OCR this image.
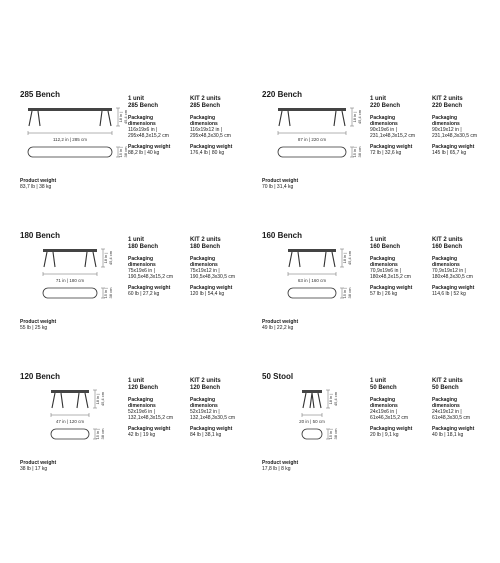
285 Bench
18 in | 45,4 cm
112,2 in | 285 cm
15 in | 38 cm
Product weight
83,7 lb | 38 kg
1 unit
285 Bench
Packaging
dimensions
116x19x6 in |
295x48,3x15,2 cm
Packaging weight
88,2 lb | 40 kg
KIT 2 units
285 Bench
Packaging
dimensions
116x19x12 in |
295x48,3x30,5 cm
Packaging weight
176,4 lb | 80 kg
220 Bench
18 in | 45,4 cm
87 in | 220 cm
15 in | 38 cm
Product weight
70 lb | 31,4 kg
1 unit
220 Bench
Packaging
dimensions
90x19x6 in |
231,1x48,3x15,2 cm
Packaging weight
72 lb | 32,6 kg
KIT 2 units
220 Bench
Packaging
dimensions
90x19x12 in |
231,1x48,3x30,5 cm
Packaging weight
145 lb | 65,7 kg
180 Bench
18 in | 45,4 cm
71 in | 180 cm
15 in | 38 cm
Product weight
55 lb | 25 kg
1 unit
180 Bench
Packaging
dimensions
75x19x6 in |
190,5x48,3x15,2 cm
Packaging weight
60 lb | 27,2 kg
KIT 2 units
180 Bench
Packaging
dimensions
75x19x12 in |
190,5x48,3x30,5 cm
Packaging weight
120 lb | 54,4 kg
160 Bench
18 in | 45,4 cm
63 in | 160 cm
15 in | 38 cm
Product weight
49 lb | 22,2 kg
1 unit
160 Bench
Packaging
dimensions
70,9x19x6 in |
180x48,3x15,2 cm
Packaging weight
57 lb | 26 kg
KIT 2 units
160 Bench
Packaging
dimensions
70,9x19x12 in |
180x48,3x30,5 cm
Packaging weight
114,6 lb | 52 kg
120 Bench
18 in | 45,4 cm
47 in | 120 cm
15 in | 38 cm
Product weight
38 lb | 17 kg
1 unit
120 Bench
Packaging
dimensions
52x19x6 in |
132,1x48,3x15,2 cm
Packaging weight
42 lb | 19 kg
KIT 2 units
120 Bench
Packaging
dimensions
52x19x12 in |
132,1x48,3x30,5 cm
Packaging weight
84 lb | 38,1 kg
50 Stool
18 in | 45,4 cm
20 in | 50 cm
15 in | 38 cm
Product weight
17,8 lb | 8 kg
1 unit
50 Bench
Packaging
dimensions
24x19x6 in |
61x46,3x15,2 cm
Packaging weight
20 lb | 9,1 kg
KIT 2 units
50 Bench
Packaging
dimensions
24x19x12 in |
61x48,3x30,5 cm
Packaging weight
40 lb | 18,1 kg
